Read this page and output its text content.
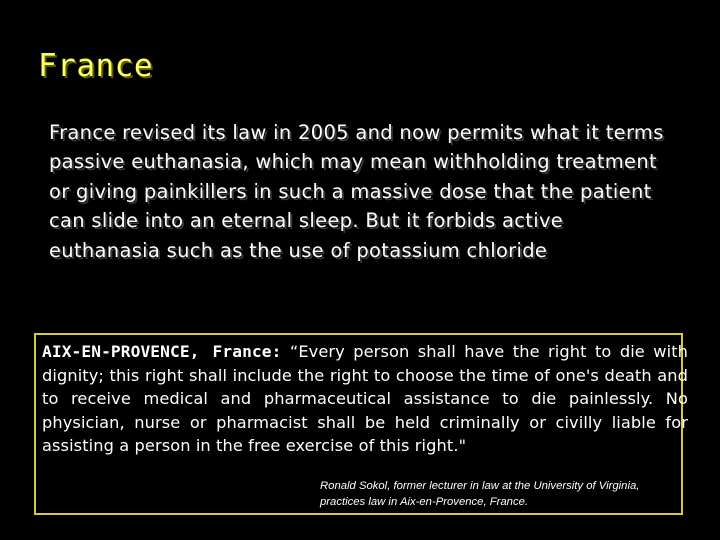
France
France revised its law in 2005 and now permits what it terms passive euthanasia, which may mean withholding treatment or giving painkillers in such a massive dose that the patient can slide into an eternal sleep. But it forbids active euthanasia such as the use of potassium chloride
AIX-EN-PROVENCE, France: “Every person shall have the right to die with dignity; this right shall include the right to choose the time of one's death and to receive medical and pharmaceutical assistance to die painlessly. No physician, nurse or pharmacist shall be held criminally or civilly liable for assisting a person in the free exercise of this right."
Ronald Sokol, former lecturer in law at the University of Virginia,
practices law in Aix-en-Provence, France.
